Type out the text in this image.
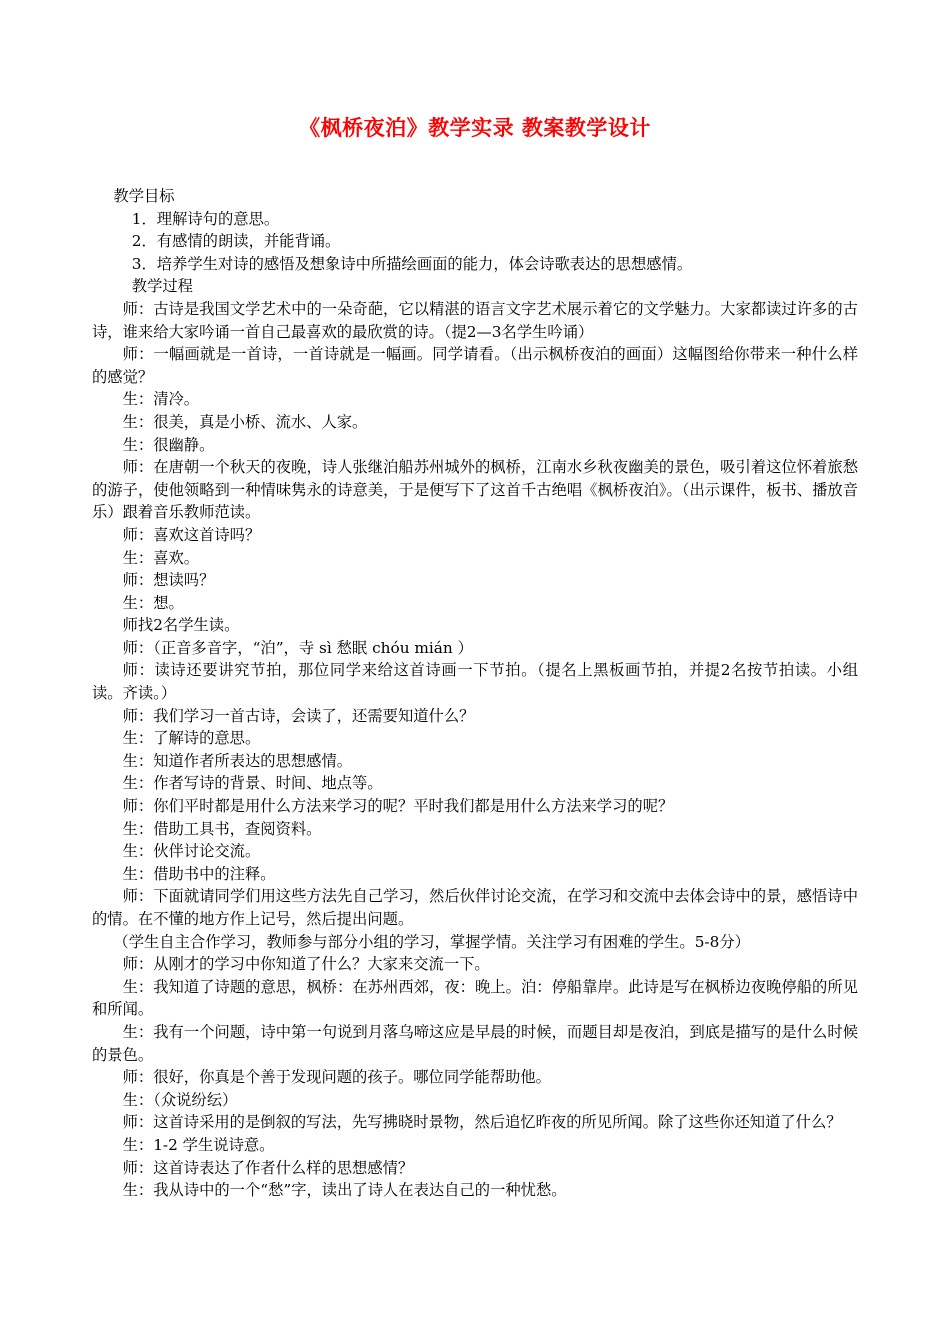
《枫桥夜泊》教学实录 教案教学设计

教学目标

1．理解诗句的意思。

2．有感情的朗读，并能背诵。

3．培养学生对诗的感悟及想象诗中所描绘画面的能力，体会诗歌表达的思想感情。

教学过程

师：古诗是我国文学艺术中的一朵奇葩，它以精湛的语言文字艺术展示着它的文学魅力。大家都读过许多的古诗，谁来给大家吟诵一首自己最喜欢的最欣赏的诗。（提2—3名学生吟诵）

师：一幅画就是一首诗，一首诗就是一幅画。同学请看。（出示枫桥夜泊的画面）这幅图给你带来一种什么样的感觉？

生：清冷。

生：很美，真是小桥、流水、人家。

生：很幽静。

师：在唐朝一个秋天的夜晚，诗人张继泊船苏州城外的枫桥，江南水乡秋夜幽美的景色，吸引着这位怀着旅愁的游子，使他领略到一种情味隽永的诗意美，于是便写下了这首千古绝唱《枫桥夜泊》。（出示课件，板书、播放音乐）跟着音乐教师范读。

师：喜欢这首诗吗？

生：喜欢。

师：想读吗？

生：想。

师找2名学生读。

师：（正音多音字，“泊”，寺 sì 愁眠 chóu mián ）

师：读诗还要讲究节拍，那位同学来给这首诗画一下节拍。（提名上黑板画节拍，并提2名按节拍读。小组读。齐读。）

师：我们学习一首古诗，会读了，还需要知道什么？

生：了解诗的意思。

生：知道作者所表达的思想感情。

生：作者写诗的背景、时间、地点等。

师：你们平时都是用什么方法来学习的呢？平时我们都是用什么方法来学习的呢？

生：借助工具书，查阅资料。

生：伙伴讨论交流。

生：借助书中的注释。

师：下面就请同学们用这些方法先自己学习，然后伙伴讨论交流，在学习和交流中去体会诗中的景，感悟诗中的情。在不懂的地方作上记号，然后提出问题。

（学生自主合作学习，教师参与部分小组的学习，掌握学情。关注学习有困难的学生。5-8分）

师：从刚才的学习中你知道了什么？大家来交流一下。

生：我知道了诗题的意思，枫桥：在苏州西郊，夜：晚上。泊：停船靠岸。此诗是写在枫桥边夜晚停船的所见和所闻。

生：我有一个问题，诗中第一句说到月落乌啼这应是早晨的时候，而题目却是夜泊，到底是描写的是什么时候的景色。

师：很好，你真是个善于发现问题的孩子。哪位同学能帮助他。

生：（众说纷纭）

师：这首诗采用的是倒叙的写法，先写拂晓时景物，然后追忆昨夜的所见所闻。除了这些你还知道了什么？

生：1-2 学生说诗意。

师：这首诗表达了作者什么样的思想感情？

生：我从诗中的一个“愁”字，读出了诗人在表达自己的一种忧愁。
